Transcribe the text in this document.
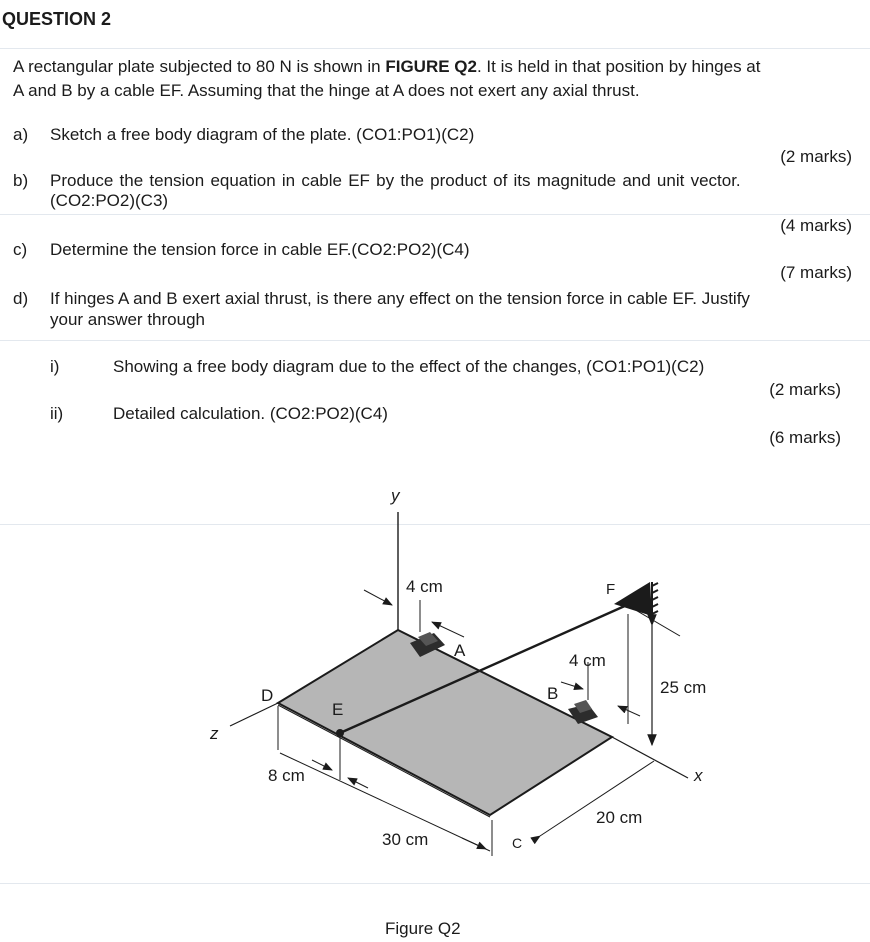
QUESTION 2
A rectangular plate subjected to 80 N is shown in FIGURE Q2. It is held in that position by hinges at
A and B by a cable EF. Assuming that the hinge at A does not exert any axial thrust.
a) Sketch a free body diagram of the plate. (CO1:PO1)(C2)
(2 marks)
b) Produce the tension equation in cable EF by the product of its magnitude and unit vector.
(CO2:PO2)(C3)
(4 marks)
c) Determine the tension force in cable EF.(CO2:PO2)(C4)
(7 marks)
d) If hinges A and B exert axial thrust, is there any effect on the tension force in cable EF. Justify
your answer through
i)	Showing a free body diagram due to the effect of the changes, (CO1:PO1)(C2)
(2 marks)
ii)	Detailed calculation. (CO2:PO2)(C4)
(6 marks)
y
z
x
4 cm
4 cm
25 cm
8 cm
30 cm
20 cm
A
B
C
D
E
F
Figure Q2
